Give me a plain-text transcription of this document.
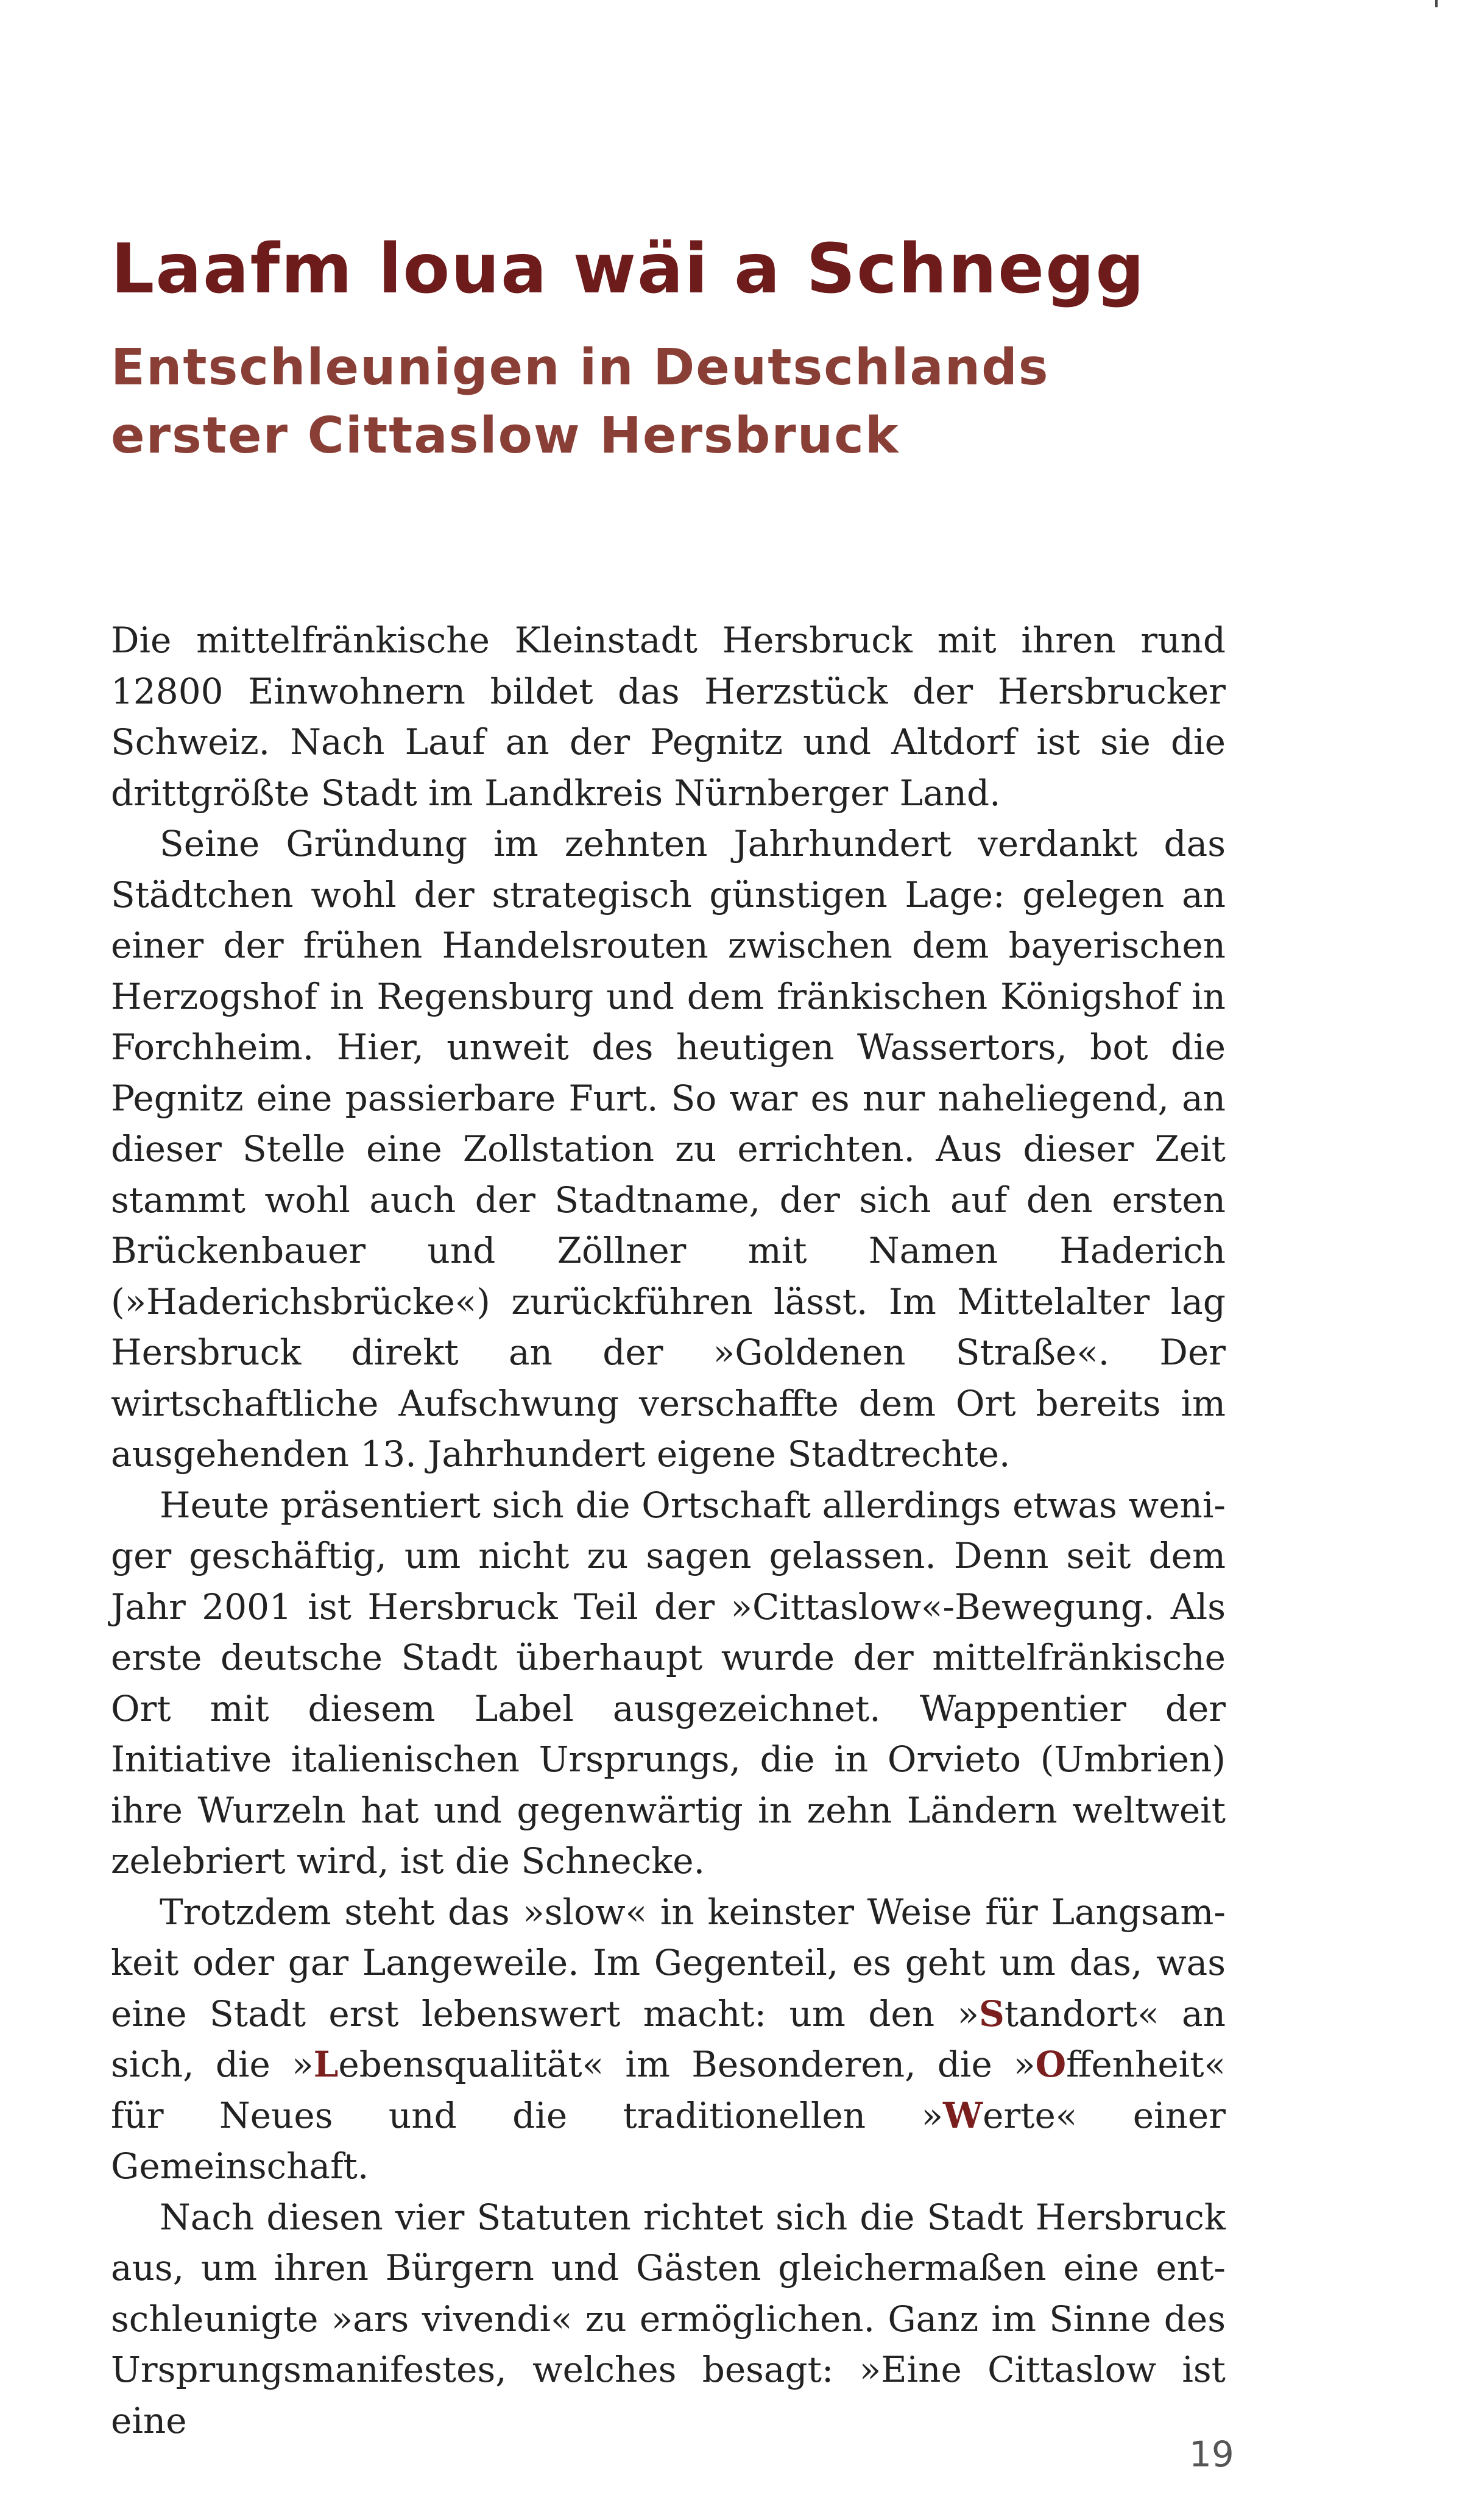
Laafm loua wäi a Schnegg
Entschleunigen in Deutschlands
erster Cittaslow Hersbruck

Die mittelfränkische Kleinstadt Hersbruck mit ihren rund 12800 Einwohnern bildet das Herzstück der Hersbrucker Schweiz. Nach Lauf an der Pegnitz und Altdorf ist sie die drittgrößte Stadt im Landkreis Nürnberger Land.

Seine Gründung im zehnten Jahrhundert verdankt das Städtchen wohl der strategisch günstigen Lage: gelegen an einer der frühen Handelsrouten zwischen dem bayerischen Herzogshof in Regensburg und dem fränkischen Königshof in Forchheim. Hier, unweit des heutigen Wassertors, bot die Pegnitz eine passierbare Furt. So war es nur naheliegend, an dieser Stelle eine Zollstation zu errichten. Aus dieser Zeit stammt wohl auch der Stadtname, der sich auf den ersten Brückenbauer und Zöllner mit Namen Haderich (»Haderichsbrücke«) zurückführen lässt. Im Mittelalter lag Hersbruck direkt an der »Goldenen Straße«. Der wirtschaftliche Aufschwung verschaffte dem Ort bereits im ausgehenden 13. Jahrhundert eigene Stadtrechte.

Heute präsentiert sich die Ortschaft allerdings etwas weniger geschäftig, um nicht zu sagen gelassen. Denn seit dem Jahr 2001 ist Hersbruck Teil der »Cittaslow«-Bewegung. Als erste deutsche Stadt überhaupt wurde der mittelfränkische Ort mit diesem Label ausgezeichnet. Wappentier der Initiative italienischen Ursprungs, die in Orvieto (Umbrien) ihre Wurzeln hat und gegenwärtig in zehn Ländern weltweit zelebriert wird, ist die Schnecke.

Trotzdem steht das »slow« in keinster Weise für Langsamkeit oder gar Langeweile. Im Gegenteil, es geht um das, was eine Stadt erst lebenswert macht: um den »Standort« an sich, die »Lebensqualität« im Besonderen, die »Offenheit« für Neues und die traditionellen »Werte« einer Gemeinschaft.

Nach diesen vier Statuten richtet sich die Stadt Hersbruck aus, um ihren Bürgern und Gästen gleichermaßen eine entschleunigte »ars vivendi« zu ermöglichen. Ganz im Sinne des Ursprungsmanifestes, welches besagt: »Eine Cittaslow ist eine

19
